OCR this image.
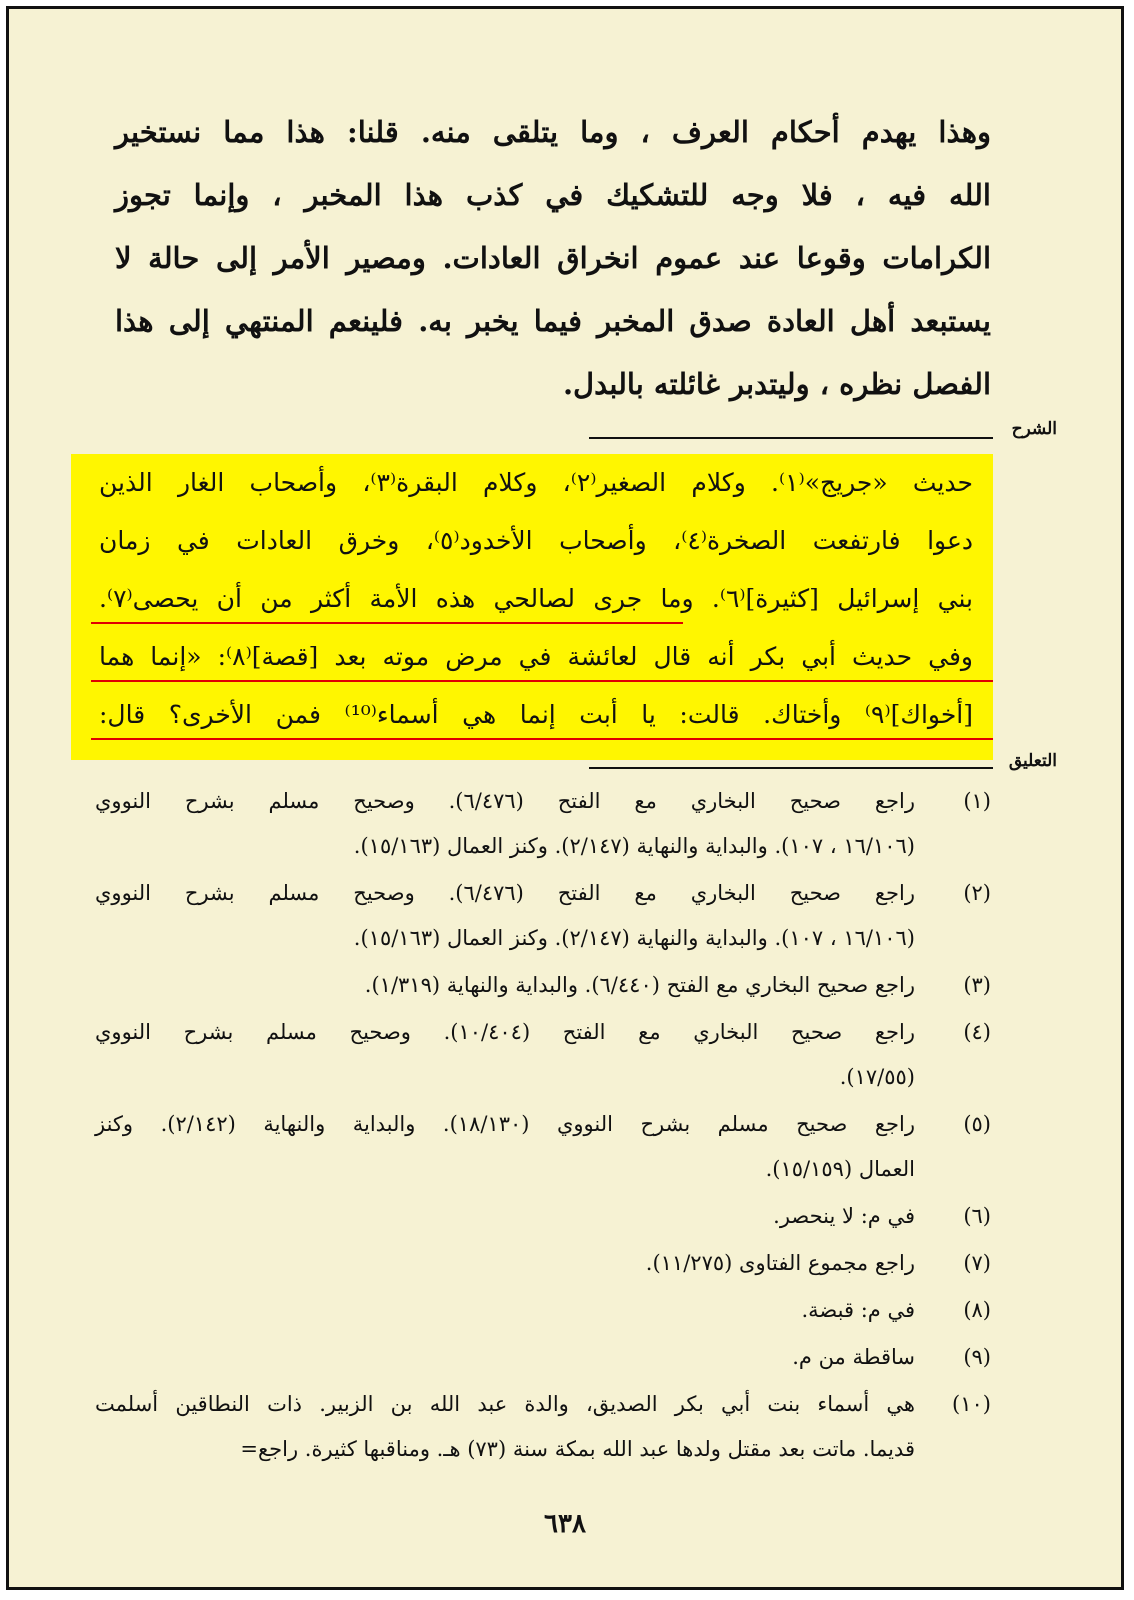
وهذا يهدم أحكام العرف ، وما يتلقى منه. قلنا: هذا مما نستخير
الله فيه ، فلا وجه للتشكيك في كذب هذا المخبر ، وإنما تجوز
الكرامات وقوعا عند عموم انخراق العادات. ومصير الأمر إلى حالة لا
يستبعد أهل العادة صدق المخبر فيما يخبر به. فلينعم المنتهي إلى هذا
الفصل نظره ، وليتدبر غائلته بالبدل.
الشرح
حديث «جريج»⁽١⁾. وكلام الصغير⁽٢⁾، وكلام البقرة⁽٣⁾، وأصحاب الغار الذين
دعوا فارتفعت الصخرة⁽٤⁾، وأصحاب الأخدود⁽٥⁾، وخرق العادات في زمان
بني إسرائيل [كثيرة]⁽٦⁾. وما جرى لصالحي هذه الأمة أكثر من أن يحصى⁽٧⁾.
وفي حديث أبي بكر أنه قال لعائشة في مرض موته بعد [قصة]⁽٨⁾: «إنما هما
[أخواك]⁽٩⁾ وأختاك. قالت: يا أبت إنما هي أسماء⁽¹⁰⁾ فمن الأخرى؟ قال:
التعليق
(١)
راجع صحيح البخاري مع الفتح (٦/٤٧٦). وصحيح مسلم بشرح النووي
(١٦/١٠٦ ، ١٠٧). والبداية والنهاية (٢/١٤٧). وكنز العمال (١٥/١٦٣).
(٢)
راجع صحيح البخاري مع الفتح (٦/٤٧٦). وصحيح مسلم بشرح النووي
(١٦/١٠٦ ، ١٠٧). والبداية والنهاية (٢/١٤٧). وكنز العمال (١٥/١٦٣).
(٣)
راجع صحيح البخاري مع الفتح (٦/٤٤٠). والبداية والنهاية (١/٣١٩).
(٤)
راجع صحيح البخاري مع الفتح (١٠/٤٠٤). وصحيح مسلم بشرح النووي
(١٧/٥٥).
(٥)
راجع صحيح مسلم بشرح النووي (١٨/١٣٠). والبداية والنهاية (٢/١٤٢). وكنز
العمال (١٥/١٥٩).
(٦)
في م: لا ينحصر.
(٧)
راجع مجموع الفتاوى (١١/٢٧٥).
(٨)
في م: قبضة.
(٩)
ساقطة من م.
(١٠)
هي أسماء بنت أبي بكر الصديق، والدة عبد الله بن الزبير. ذات النطاقين أسلمت
قديما. ماتت بعد مقتل ولدها عبد الله بمكة سنة (٧٣) هـ. ومناقبها كثيرة. راجع=
٦٣٨
